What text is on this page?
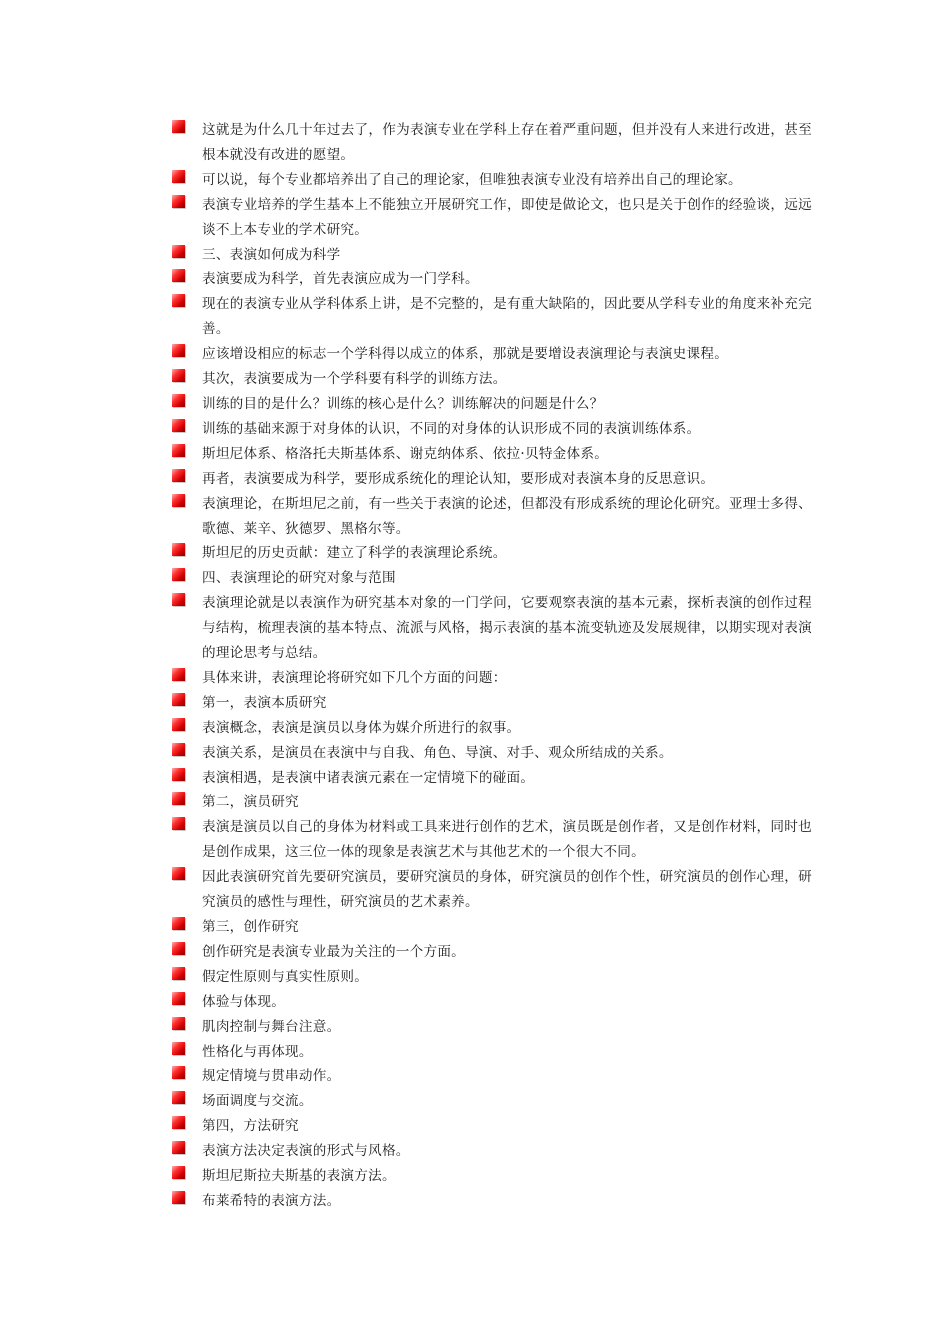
这就是为什么几十年过去了，作为表演专业在学科上存在着严重问题，但并没有人来进行改进，甚至根本就没有改进的愿望。
可以说，每个专业都培养出了自己的理论家，但唯独表演专业没有培养出自己的理论家。
表演专业培养的学生基本上不能独立开展研究工作，即使是做论文，也只是关于创作的经验谈，远远谈不上本专业的学术研究。
三、表演如何成为科学
表演要成为科学，首先表演应成为一门学科。
现在的表演专业从学科体系上讲，是不完整的，是有重大缺陷的，因此要从学科专业的角度来补充完善。
应该增设相应的标志一个学科得以成立的体系，那就是要增设表演理论与表演史课程。
其次，表演要成为一个学科要有科学的训练方法。
训练的目的是什么？训练的核心是什么？训练解决的问题是什么？
训练的基础来源于对身体的认识，不同的对身体的认识形成不同的表演训练体系。
斯坦尼体系、格洛托夫斯基体系、谢克纳体系、依拉·贝特金体系。
再者，表演要成为科学，要形成系统化的理论认知，要形成对表演本身的反思意识。
表演理论，在斯坦尼之前，有一些关于表演的论述，但都没有形成系统的理论化研究。亚理士多得、歌德、莱辛、狄德罗、黑格尔等。
斯坦尼的历史贡献：建立了科学的表演理论系统。
四、表演理论的研究对象与范围
表演理论就是以表演作为研究基本对象的一门学问，它要观察表演的基本元素，探析表演的创作过程与结构，梳理表演的基本特点、流派与风格，揭示表演的基本流变轨迹及发展规律，以期实现对表演的理论思考与总结。
具体来讲，表演理论将研究如下几个方面的问题：
第一，表演本质研究
表演概念，表演是演员以身体为媒介所进行的叙事。
表演关系，是演员在表演中与自我、角色、导演、对手、观众所结成的关系。
表演相遇，是表演中诸表演元素在一定情境下的碰面。
第二，演员研究
表演是演员以自己的身体为材料或工具来进行创作的艺术，演员既是创作者，又是创作材料，同时也是创作成果，这三位一体的现象是表演艺术与其他艺术的一个很大不同。
因此表演研究首先要研究演员，要研究演员的身体，研究演员的创作个性，研究演员的创作心理，研究演员的感性与理性，研究演员的艺术素养。
第三，创作研究
创作研究是表演专业最为关注的一个方面。
假定性原则与真实性原则。
体验与体现。
肌肉控制与舞台注意。
性格化与再体现。
规定情境与贯串动作。
场面调度与交流。
第四，方法研究
表演方法决定表演的形式与风格。
斯坦尼斯拉夫斯基的表演方法。
布莱希特的表演方法。
